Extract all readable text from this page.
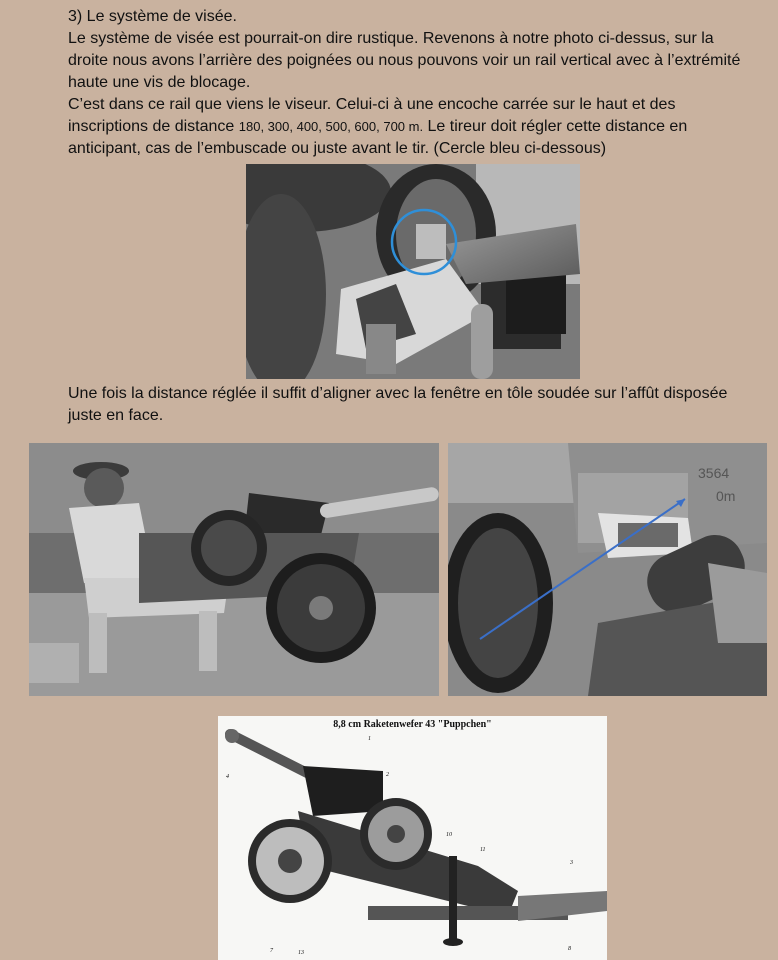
3) Le système de visée.
Le système de visée est pourrait-on dire rustique. Revenons à notre photo ci-dessus, sur la
droite nous avons l’arrière des poignées ou nous pouvons voir un rail vertical avec à l’extrémité
haute une vis de blocage.
C’est dans ce rail que viens le viseur. Celui-ci à une encoche carrée sur le haut et des
inscriptions de distance 180, 300, 400, 500, 600, 700 m. Le tireur doit régler cette distance en
anticipant, cas de l’embuscade ou juste avant le tir. (Cercle bleu ci-dessous)
Une fois la distance réglée il suffit d’aligner avec la fenêtre en tôle soudée sur l’affût disposée
juste en face.
3564
0m
8,8 cm Raketenwefer 43 "Puppchen"
1
2
3
4
7	8
10
11
13
